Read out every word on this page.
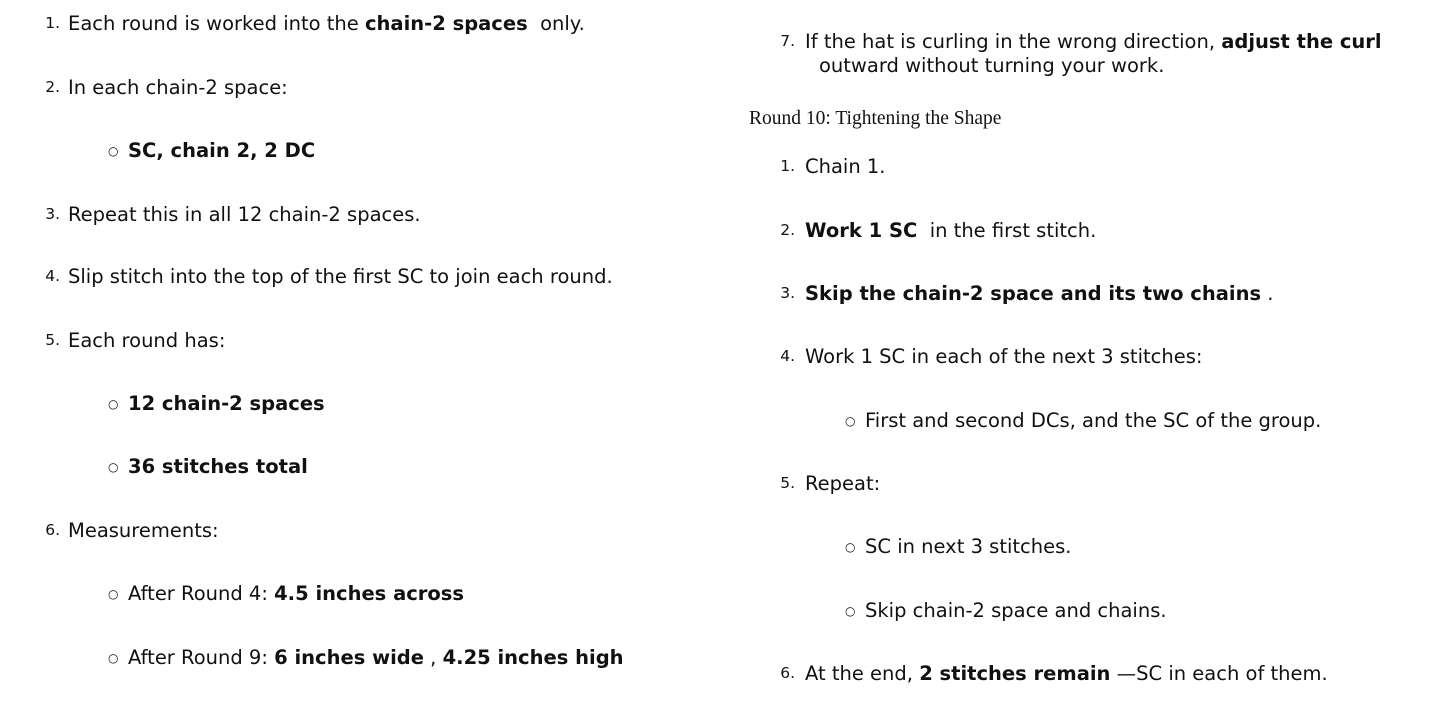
1. Each round is worked into the chain-2 spaces  only.
2. In each chain-2 space:
○ SC, chain 2, 2 DC
3. Repeat this in all 12 chain-2 spaces.
4. Slip stitch into the top of the first SC to join each round.
5. Each round has:
○ 12 chain-2 spaces
○ 36 stitches total
6. Measurements:
○ After Round 4: 4.5 inches across
○ After Round 9: 6 inches wide , 4.25 inches high
7. If the hat is curling in the wrong direction, adjust the curl
outward without turning your work.
Round 10: Tightening the Shape
1. Chain 1.
2. Work 1 SC  in the first stitch.
3. Skip the chain-2 space and its two chains .
4. Work 1 SC in each of the next 3 stitches:
○ First and second DCs, and the SC of the group.
5. Repeat:
○ SC in next 3 stitches.
○ Skip chain-2 space and chains.
6. At the end, 2 stitches remain —SC in each of them.
